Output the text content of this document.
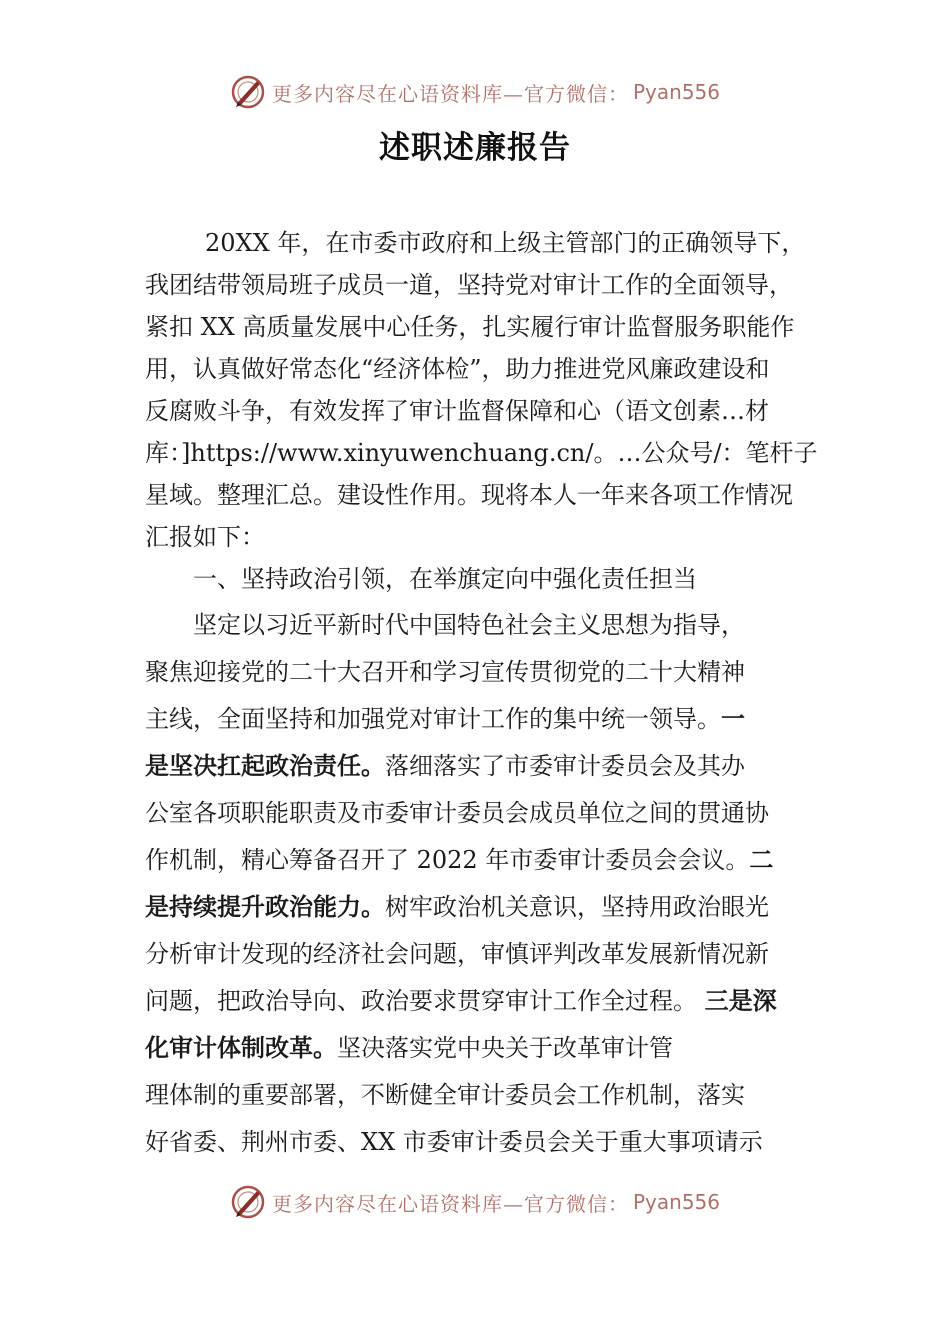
更多内容尽在心语资料库—官方微信： Pyan556
述职述廉报告
20XX 年，在市委市政府和上级主管部门的正确领导下，
我团结带领局班子成员一道，坚持党对审计工作的全面领导，
紧扣 XX 高质量发展中心任务，扎实履行审计监督服务职能作
用，认真做好常态化“经济体检”，助力推进党风廉政建设和
反腐败斗争，有效发挥了审计监督保障和心（语文创素…材
库：]https://www.xinyuwenchuang.cn/。…公众号/：笔杆子
星域。整理汇总。建设性作用。现将本人一年来各项工作情况
汇报如下：
一、坚持政治引领，在举旗定向中强化责任担当
坚定以习近平新时代中国特色社会主义思想为指导，
聚焦迎接党的二十大召开和学习宣传贯彻党的二十大精神
主线，全面坚持和加强党对审计工作的集中统一领导。一
是坚决扛起政治责任。落细落实了市委审计委员会及其办
公室各项职能职责及市委审计委员会成员单位之间的贯通协
作机制，精心筹备召开了 2022 年市委审计委员会会议。二
是持续提升政治能力。树牢政治机关意识，坚持用政治眼光
分析审计发现的经济社会问题，审慎评判改革发展新情况新
问题，把政治导向、政治要求贯穿审计工作全过程。 三是深
化审计体制改革。坚决落实党中央关于改革审计管
理体制的重要部署，不断健全审计委员会工作机制，落实
好省委、荆州市委、XX 市委审计委员会关于重大事项请示
更多内容尽在心语资料库—官方微信： Pyan556
